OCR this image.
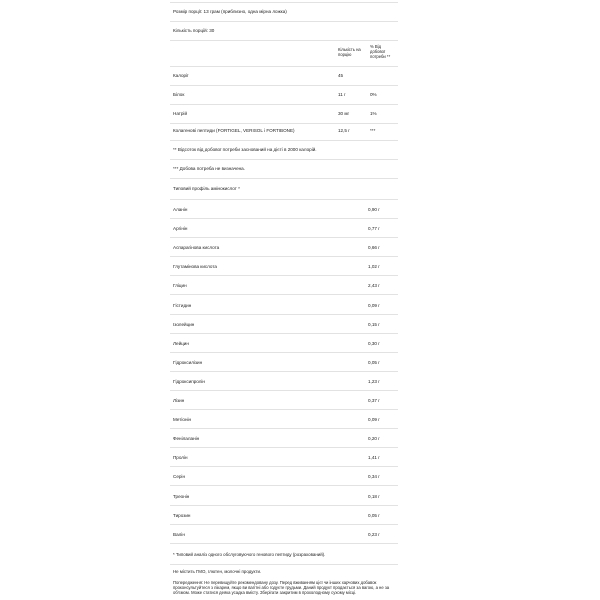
Розмір порції: 13 грам (приблизно, одна мірна ложка)
Кількість порцій: 30
Кількість на порцію
% Від добової потреби **
Калорії	45
Білок	11 г	0%
Натрій	30 мг	1%
Колагенові пептиди (FORTIGEL, VERISOL і FORTIBONE)	12,5 г	***
** Відсоток від добової потреби заснований на дієті в 2000 калорій.
*** Добова потреба не визначена.
Типовий профіль амінокислот *
Аланін	0,90 г
Аргінін	0,77 г
Аспарагінова кислота	0,66 г
Глутамінова кислота	1,02 г
Гліцин	2,43 г
Гістидин	0,09 г
Ізолейцин	0,15 г
Лейцин	0,30 г
Гідроксилізин	0,05 г
Гідроксипролін	1,23 г
Лізин	0,37 г
Метіонін	0,09 г
Фенілаланін	0,20 г
Пролін	1,41 г
Серін	0,34 г
Треонін	0,18 г
Тирозин	0,05 г
Валін	0,23 г
* Типовий аналіз одного обслуговуючого генового пептиду (розрахований).
Не містить ГМО, глютен, молочні продукти.
Попередження: Не перевищуйте рекомендовану дозу. Перед вживанням цієї чи інших харчових добавок проконсультуйтеся з лікарем, якщо ви вагітні або годуєте грудьми. Даний продукт продається за вагою, а не за об'ємом. Може статися деяка усадка вмісту. Зберігати закритим в прохолодному сухому місці.
